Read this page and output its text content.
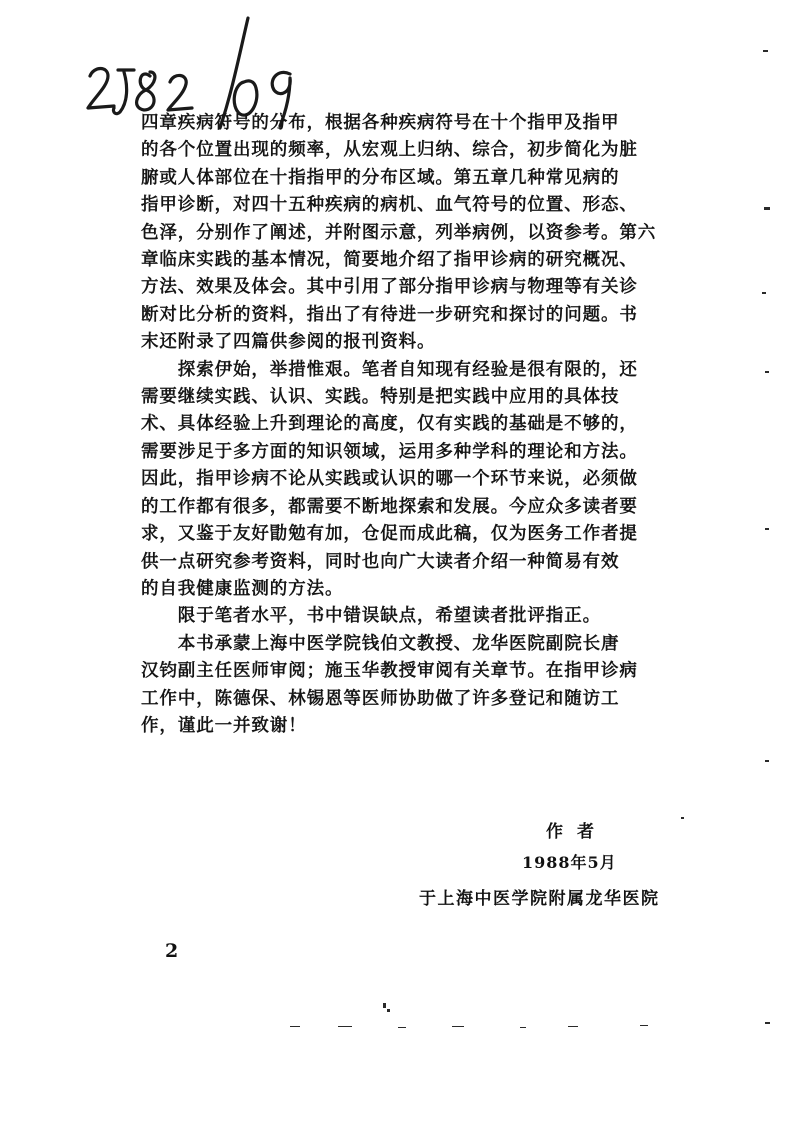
四章疾病符号的分布，根据各种疾病符号在十个指甲及指甲

的各个位置出现的频率，从宏观上归纳、综合，初步简化为脏

腑或人体部位在十指指甲的分布区域。第五章几种常见病的

指甲诊断，对四十五种疾病的病机、血气符号的位置、形态、

色泽，分别作了阐述，并附图示意，列举病例，以资参考。第六

章临床实践的基本情况，简要地介绍了指甲诊病的研究概况、

方法、效果及体会。其中引用了部分指甲诊病与物理等有关诊

断对比分析的资料，指出了有待进一步研究和探讨的问题。书

末还附录了四篇供参阅的报刊资料。

　　探索伊始，举措惟艰。笔者自知现有经验是很有限的，还

需要继续实践、认识、实践。特别是把实践中应用的具体技

术、具体经验上升到理论的高度，仅有实践的基础是不够的，

需要涉足于多方面的知识领域，运用多种学科的理论和方法。

因此，指甲诊病不论从实践或认识的哪一个环节来说，必须做

的工作都有很多，都需要不断地探索和发展。今应众多读者要

求，又鉴于友好勖勉有加，仓促而成此稿，仅为医务工作者提

供一点研究参考资料，同时也向广大读者介绍一种简易有效

的自我健康监测的方法。

　　限于笔者水平，书中错误缺点，希望读者批评指正。

　　本书承蒙上海中医学院钱伯文教授、龙华医院副院长唐

汉钧副主任医师审阅；施玉华教授审阅有关章节。在指甲诊病

工作中，陈德保、林锡恩等医师协助做了许多登记和随访工

作，谨此一并致谢！

作者
1988年5月
于上海中医学院附属龙华医院
2
